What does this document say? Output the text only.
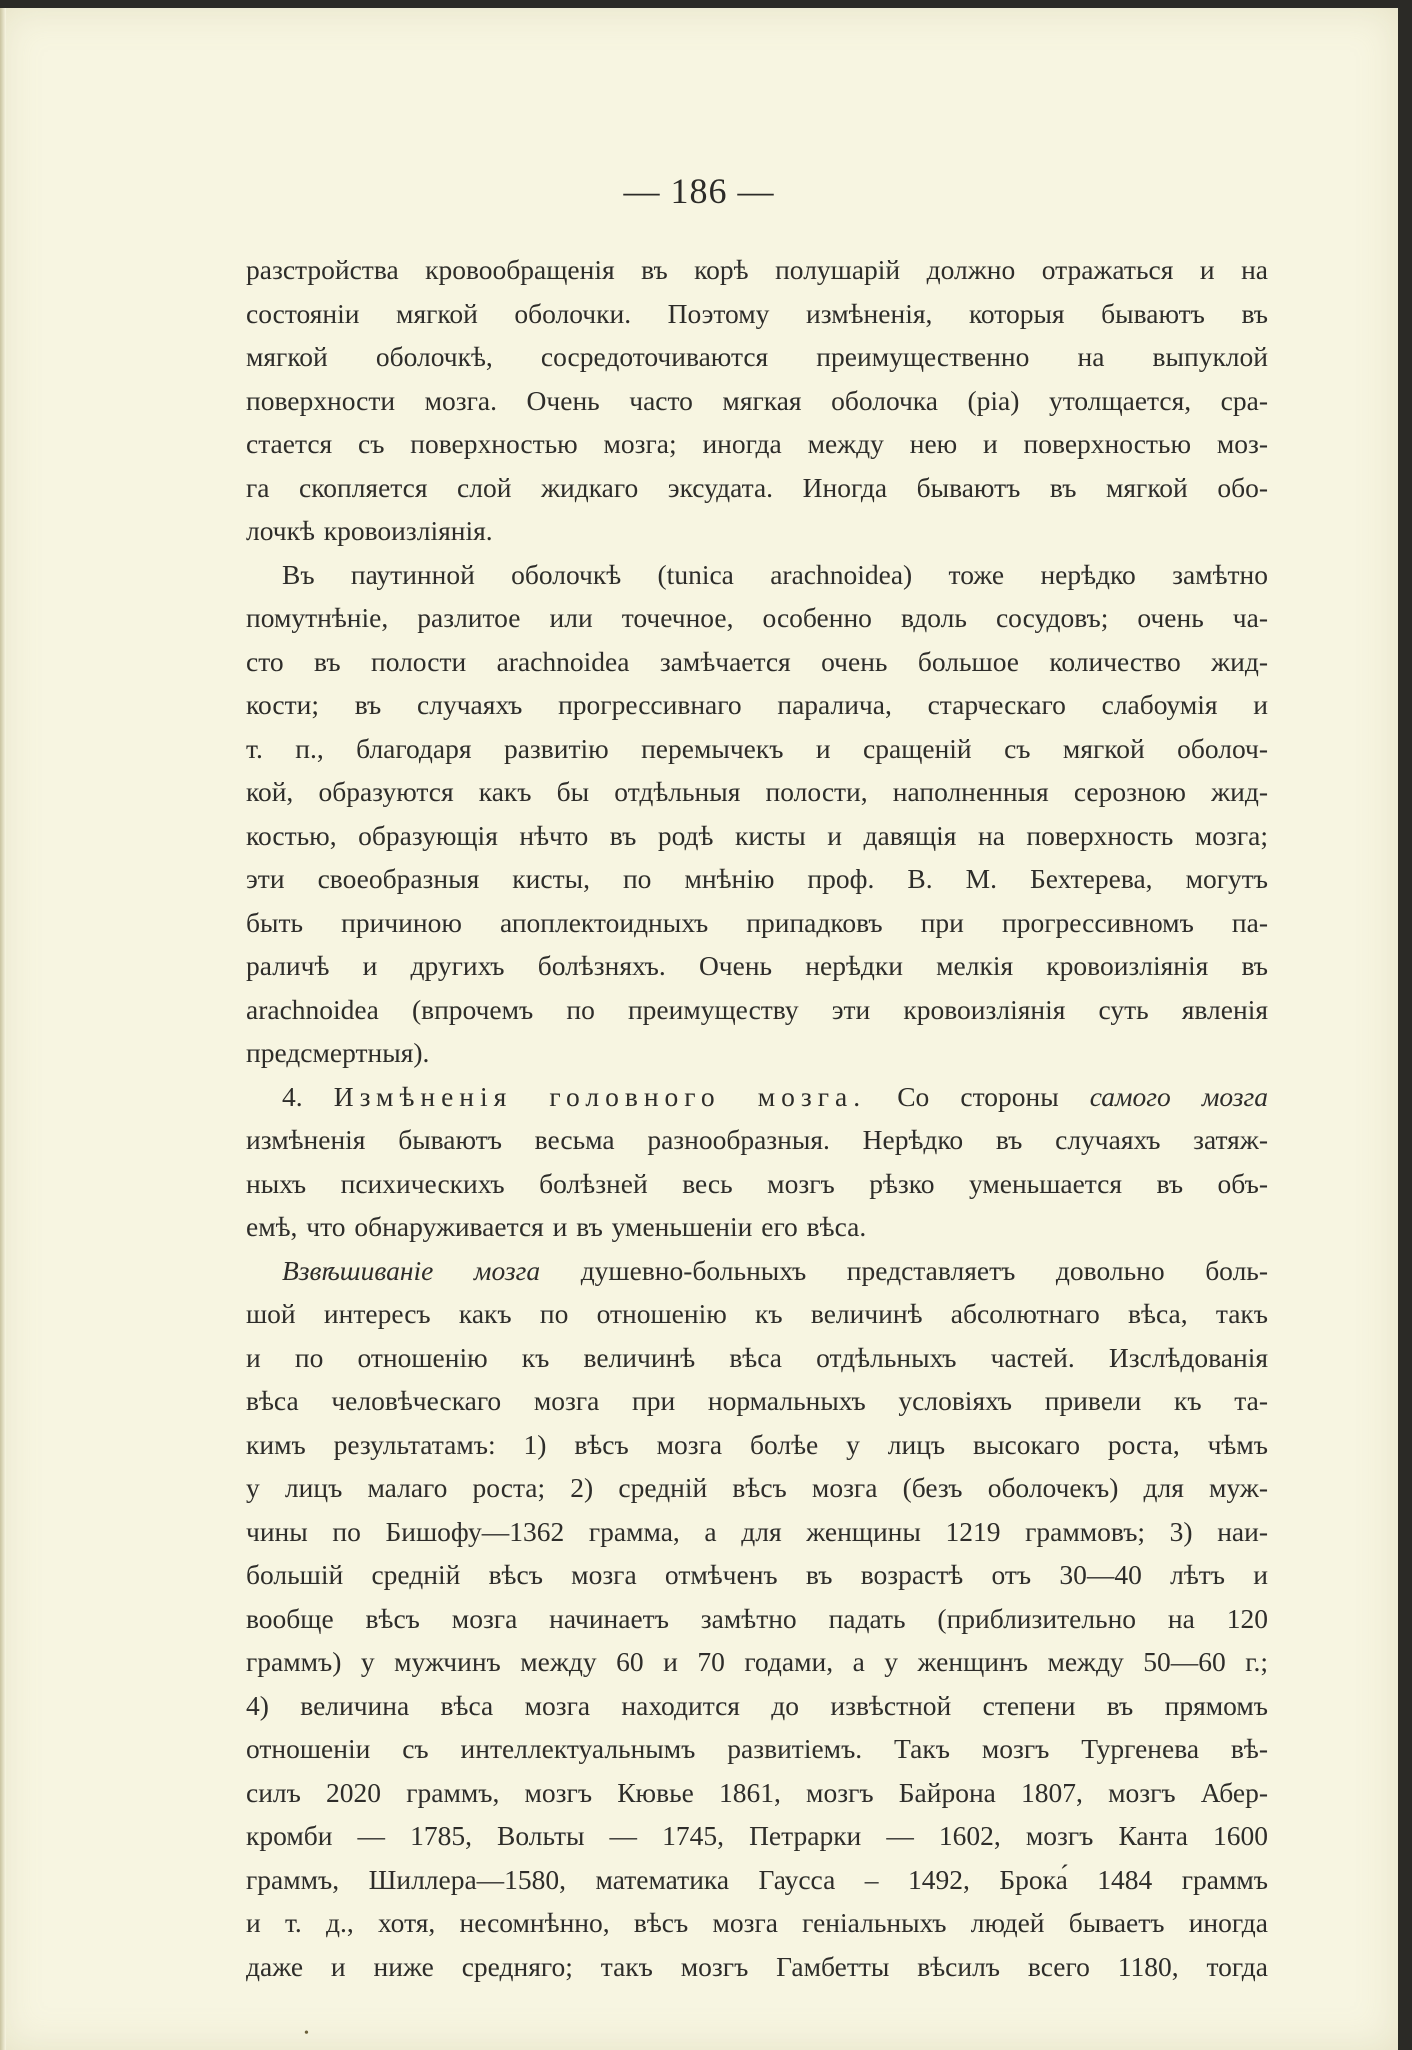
— 186 —
разстройства кровообращенія въ корѣ полушарій должно отражаться и на
состояніи мягкой оболочки. Поэтому измѣненія, которыя бываютъ въ
мягкой оболочкѣ, сосредоточиваются преимущественно на выпуклой
поверхности мозга. Очень часто мягкая оболочка (pia) утолщается, сра-
стается съ поверхностью мозга; иногда между нею и поверхностью моз-
га скопляется слой жидкаго эксудата. Иногда бываютъ въ мягкой обо-
лочкѣ кровоизліянія.
Въ паутинной оболочкѣ (tunica arachnoidea) тоже нерѣдко замѣтно
помутнѣніе, разлитое или точечное, особенно вдоль сосудовъ; очень ча-
сто въ полости arachnoidea замѣчается очень большое количество жид-
кости; въ случаяхъ прогрессивнаго паралича, старческаго слабоумія и
т. п., благодаря развитію перемычекъ и сращеній съ мягкой оболоч-
кой, образуются какъ бы отдѣльныя полости, наполненныя серозною жид-
костью, образующія нѣчто въ родѣ кисты и давящія на поверхность мозга;
эти своеобразныя кисты, по мнѣнію проф. В. М. Бехтерева, могутъ
быть причиною апоплектоидныхъ припадковъ при прогрессивномъ па-
раличѣ и другихъ болѣзняхъ. Очень нерѣдки мелкія кровоизліянія въ
arachnoidea (впрочемъ по преимуществу эти кровоизліянія суть явленія
предсмертныя).
4. Измѣненія головного мозга. Со стороны самого мозга
измѣненія бываютъ весьма разнообразныя. Нерѣдко въ случаяхъ затяж-
ныхъ психическихъ болѣзней весь мозгъ рѣзко уменьшается въ объ-
емѣ, что обнаруживается и въ уменьшеніи его вѣса.
Взвѣшиваніе мозга душевно-больныхъ представляетъ довольно боль-
шой интересъ какъ по отношенію къ величинѣ абсолютнаго вѣса, такъ
и по отношенію къ величинѣ вѣса отдѣльныхъ частей. Изслѣдованія
вѣса человѣческаго мозга при нормальныхъ условіяхъ привели къ та-
кимъ результатамъ: 1) вѣсъ мозга болѣе у лицъ высокаго роста, чѣмъ
у лицъ малаго роста; 2) средній вѣсъ мозга (безъ оболочекъ) для муж-
чины по Бишофу—1362 грамма, а для женщины 1219 граммовъ; 3) наи-
большій средній вѣсъ мозга отмѣченъ въ возрастѣ отъ 30—40 лѣтъ и
вообще вѣсъ мозга начинаетъ замѣтно падать (приблизительно на 120
граммъ) у мужчинъ между 60 и 70 годами, а у женщинъ между 50—60 г.;
4) величина вѣса мозга находится до извѣстной степени въ прямомъ
отношеніи съ интеллектуальнымъ развитіемъ. Такъ мозгъ Тургенева вѣ-
силъ 2020 граммъ, мозгъ Кювье 1861, мозгъ Байрона 1807, мозгъ Абер-
кромби — 1785, Вольты — 1745, Петрарки — 1602, мозгъ Канта 1600
граммъ, Шиллера—1580, математика Гаусса – 1492, Брока́ 1484 граммъ
и т. д., хотя, несомнѣнно, вѣсъ мозга геніальныхъ людей бываетъ иногда
даже и ниже средняго; такъ мозгъ Гамбетты вѣсилъ всего 1180, тогда
•
